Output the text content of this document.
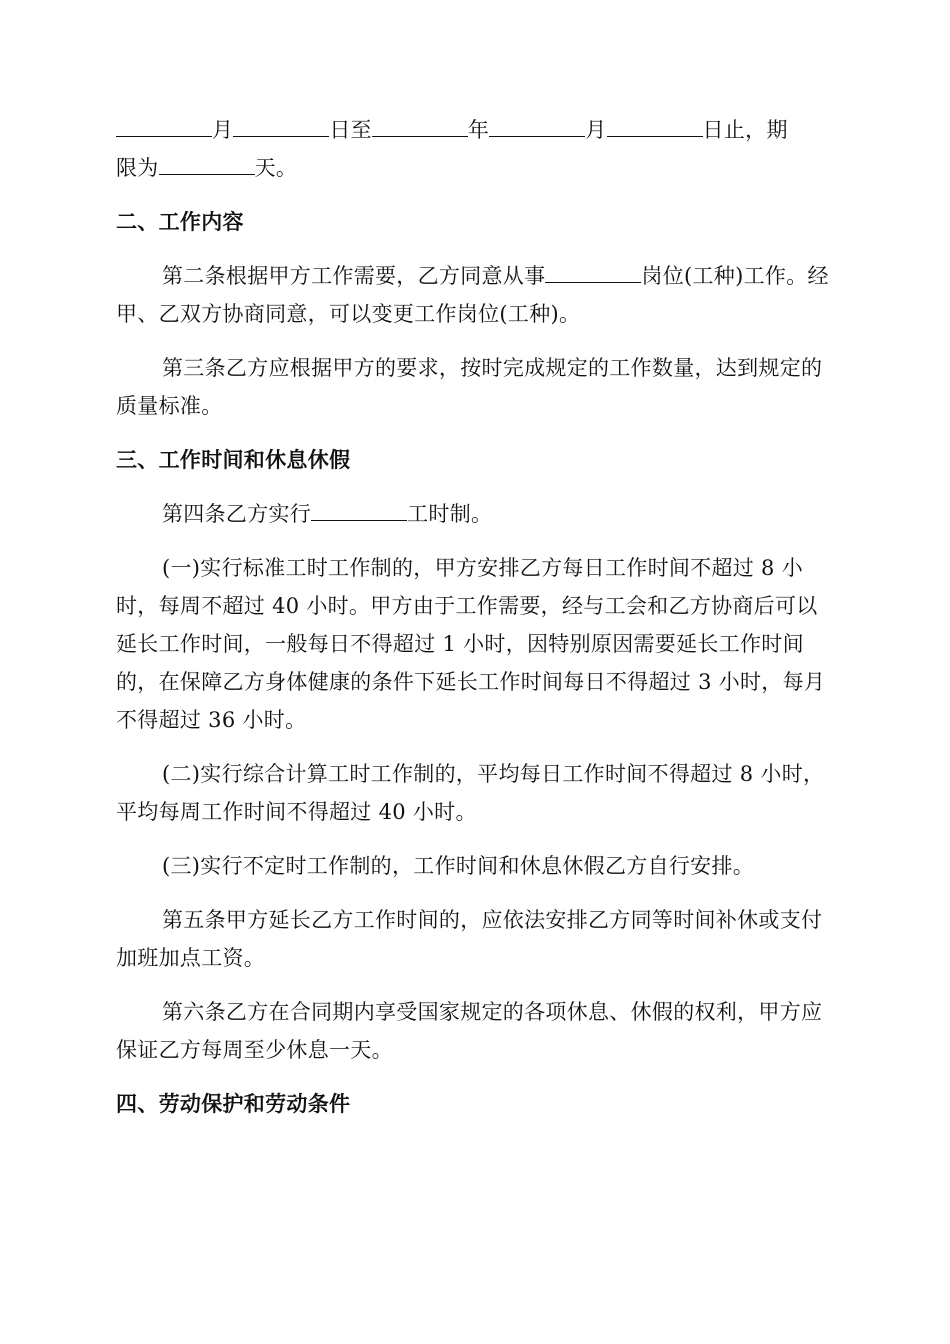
月	日至	年	月	日止，期
限为	天。

二、工作内容

第二条根据甲方工作需要，乙方同意从事	岗位(工种)工作。经甲、乙双方协商同意，可以变更工作岗位(工种)。

第三条乙方应根据甲方的要求，按时完成规定的工作数量，达到规定的质量标准。

三、工作时间和休息休假

第四条乙方实行	工时制。

(一)实行标准工时工作制的，甲方安排乙方每日工作时间不超过 8 小时，每周不超过 40 小时。甲方由于工作需要，经与工会和乙方协商后可以延长工作时间，一般每日不得超过 1 小时，因特别原因需要延长工作时间的，在保障乙方身体健康的条件下延长工作时间每日不得超过 3 小时，每月不得超过 36 小时。

(二)实行综合计算工时工作制的，平均每日工作时间不得超过 8 小时，平均每周工作时间不得超过 40 小时。

(三)实行不定时工作制的，工作时间和休息休假乙方自行安排。

第五条甲方延长乙方工作时间的，应依法安排乙方同等时间补休或支付加班加点工资。

第六条乙方在合同期内享受国家规定的各项休息、休假的权利，甲方应保证乙方每周至少休息一天。

四、劳动保护和劳动条件
